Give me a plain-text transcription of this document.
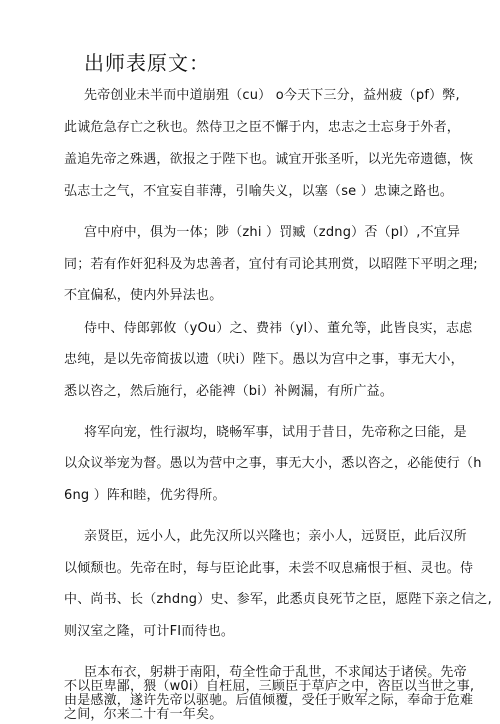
出师表原文：
先帝创业未半而中道崩殂（cu） o今天下三分，益州疲（pf）弊,
此诚危急存亡之秋也。然侍卫之臣不懈于内，忠志之士忘身于外者，
盖追先帝之殊遇，欲报之于陛下也。诚宜开张圣听，以光先帝遗德，恢
弘志士之气，不宜妄自菲薄，引喻失义，以塞（se ）忠谏之路也。
宫中府中，俱为一体；陟（zhi ）罚臧（zdng）否（pl）,不宜异
同；若有作奸犯科及为忠善者，宜付有司论其刑赏，以昭陛下平明之理;
不宜偏私，使内外异法也。
侍中、侍郎郭攸（yOu）之、费祎（yl）、董允等，此皆良实，志虑
忠纯，是以先帝简拔以遗（吠i）陛下。愚以为宫中之事，事无大小，
悉以咨之，然后施行，必能裨（bi）补阙漏，有所广益。
将军向宠，性行淑均，晓畅军事，试用于昔日，先帝称之曰能，是
以众议举宠为督。愚以为营中之事，事无大小，悉以咨之，必能使行（h
6ng ）阵和睦，优劣得所。
亲贤臣，远小人，此先汉所以兴隆也；亲小人，远贤臣，此后汉所
以倾颓也。先帝在时，每与臣论此事，未尝不叹息痛恨于桓、灵也。侍
中、尚书、长（zhdng）史、参军，此悉贞良死节之臣，愿陛下亲之信之,
则汉室之隆，可计FI而待也。
臣本布衣，躬耕于南阳，苟全性命于乱世，不求闻达于诸侯。先帝
不以臣卑鄙，猥（w0i）自枉屈，三顾臣于草庐之中，咨臣以当世之事,
由是感激，遂许先帝以驱驰。后值倾覆，受任于败军之际，奉命于危难
之间，尔来二十有一年矣。
